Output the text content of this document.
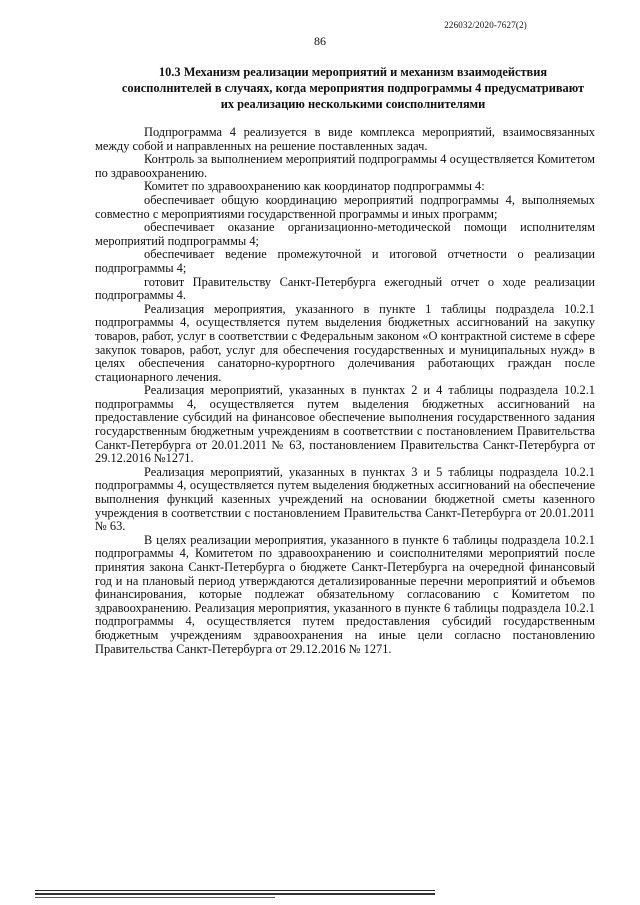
226032/2020-7627(2)
86
10.3 Механизм реализации мероприятий и механизм взаимодействия соисполнителей в случаях, когда мероприятия подпрограммы 4 предусматривают их реализацию несколькими соисполнителями

Подпрограмма 4 реализуется в виде комплекса мероприятий, взаимосвязанных между собой и направленных на решение поставленных задач.

Контроль за выполнением мероприятий подпрограммы 4 осуществляется Комитетом по здравоохранению.

Комитет по здравоохранению как координатор подпрограммы 4:

обеспечивает общую координацию мероприятий подпрограммы 4, выполняемых совместно с мероприятиями государственной программы и иных программ;

обеспечивает оказание организационно-методической помощи исполнителям мероприятий подпрограммы 4;

обеспечивает ведение промежуточной и итоговой отчетности о реализации подпрограммы 4;

готовит Правительству Санкт-Петербурга ежегодный отчет о ходе реализации подпрограммы 4.

Реализация мероприятия, указанного в пункте 1 таблицы подраздела 10.2.1 подпрограммы 4, осуществляется путем выделения бюджетных ассигнований на закупку товаров, работ, услуг в соответствии с Федеральным законом «О контрактной системе в сфере закупок товаров, работ, услуг для обеспечения государственных и муниципальных нужд» в целях обеспечения санаторно-курортного долечивания работающих граждан после стационарного лечения.

Реализация мероприятий, указанных в пунктах 2 и 4 таблицы подраздела 10.2.1 подпрограммы 4, осуществляется путем выделения бюджетных ассигнований на предоставление субсидий на финансовое обеспечение выполнения государственного задания государственным бюджетным учреждениям в соответствии с постановлением Правительства Санкт-Петербурга от 20.01.2011 № 63, постановлением Правительства Санкт-Петербурга от 29.12.2016 №1271.

Реализация мероприятий, указанных в пунктах 3 и 5 таблицы подраздела 10.2.1 подпрограммы 4, осуществляется путем выделения бюджетных ассигнований на обеспечение выполнения функций казенных учреждений на основании бюджетной сметы казенного учреждения в соответствии с постановлением Правительства Санкт-Петербурга от 20.01.2011 № 63.

В целях реализации мероприятия, указанного в пункте 6 таблицы подраздела 10.2.1 подпрограммы 4, Комитетом по здравоохранению и соисполнителями мероприятий после принятия закона Санкт-Петербурга о бюджете Санкт-Петербурга на очередной финансовый год и на плановый период утверждаются детализированные перечни мероприятий и объемов финансирования, которые подлежат обязательному согласованию с Комитетом по здравоохранению. Реализация мероприятия, указанного в пункте 6 таблицы подраздела 10.2.1 подпрограммы 4, осуществляется путем предоставления субсидий государственным бюджетным учреждениям здравоохранения на иные цели согласно постановлению Правительства Санкт-Петербурга от 29.12.2016 № 1271.
